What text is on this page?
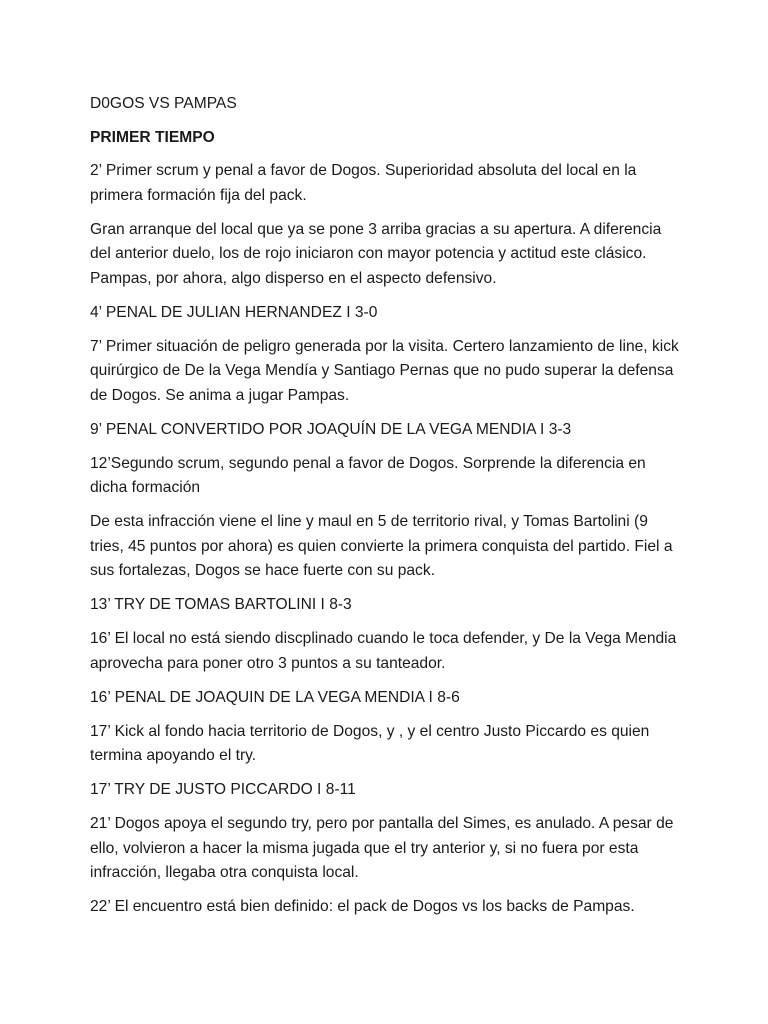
D0GOS VS PAMPAS

PRIMER TIEMPO

2’ Primer scrum y penal a favor de Dogos. Superioridad absoluta del local en la primera formación fija del pack.

Gran arranque del local que ya se pone 3 arriba gracias a su apertura. A diferencia del anterior duelo, los de rojo iniciaron con mayor potencia y actitud este clásico. Pampas, por ahora, algo disperso en el aspecto defensivo.

4’ PENAL DE JULIAN HERNANDEZ I 3-0

7’ Primer situación de peligro generada por la visita. Certero lanzamiento de line, kick quirúrgico de De la Vega Mendía y Santiago Pernas que no pudo superar la defensa de Dogos. Se anima a jugar Pampas.

9’ PENAL CONVERTIDO POR JOAQUÍN DE LA VEGA MENDIA I 3-3

12’Segundo scrum, segundo penal a favor de Dogos. Sorprende la diferencia en dicha formación

De esta infracción viene el line y maul en 5 de territorio rival, y Tomas Bartolini (9 tries, 45 puntos por ahora) es quien convierte la primera conquista del partido. Fiel a sus fortalezas, Dogos se hace fuerte con su pack.

13’ TRY DE TOMAS BARTOLINI I 8-3

16’ El local no está siendo discplinado cuando le toca defender, y De la Vega Mendia aprovecha para poner otro 3 puntos a su tanteador.

16’ PENAL DE JOAQUIN DE LA VEGA MENDIA I 8-6

17’ Kick al fondo hacia territorio de Dogos, y , y el centro Justo Piccardo es quien termina apoyando el try.

17’ TRY DE JUSTO PICCARDO I 8-11

21’ Dogos apoya el segundo try, pero por pantalla del Simes, es anulado. A pesar de ello, volvieron a hacer la misma jugada que el try anterior y, si no fuera por esta infracción, llegaba otra conquista local.

22’ El encuentro está bien definido: el pack de Dogos vs los backs de Pampas.
